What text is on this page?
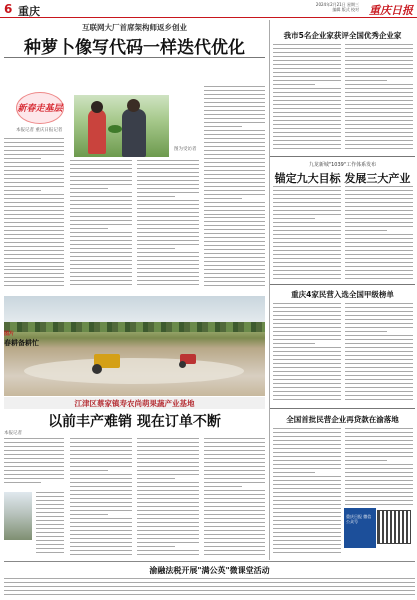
6 重庆
2024年2月21日 星期三
编辑 版式 校对 重庆日报
互联网大厂首席架构师返乡创业
种萝卜像写代码一样迭代优化
新春走基层
本报记者 重庆日报记者
图为受访者
图片
春耕备耕忙
江津区蔡家镇寿农尚萌果蔬产业基地
以前丰产难销 现在订单不断
本报记者
我市5名企业家获评全国优秀企业家
九龙新城"1039"工作体系发布
锚定九大目标 发展三大产业
重庆4家民营入选全国甲级榜单
全国首批民营企业再贷款在渝落地
重庆日报 微信公众号
渝融法税开展"满公英"微课堂活动
